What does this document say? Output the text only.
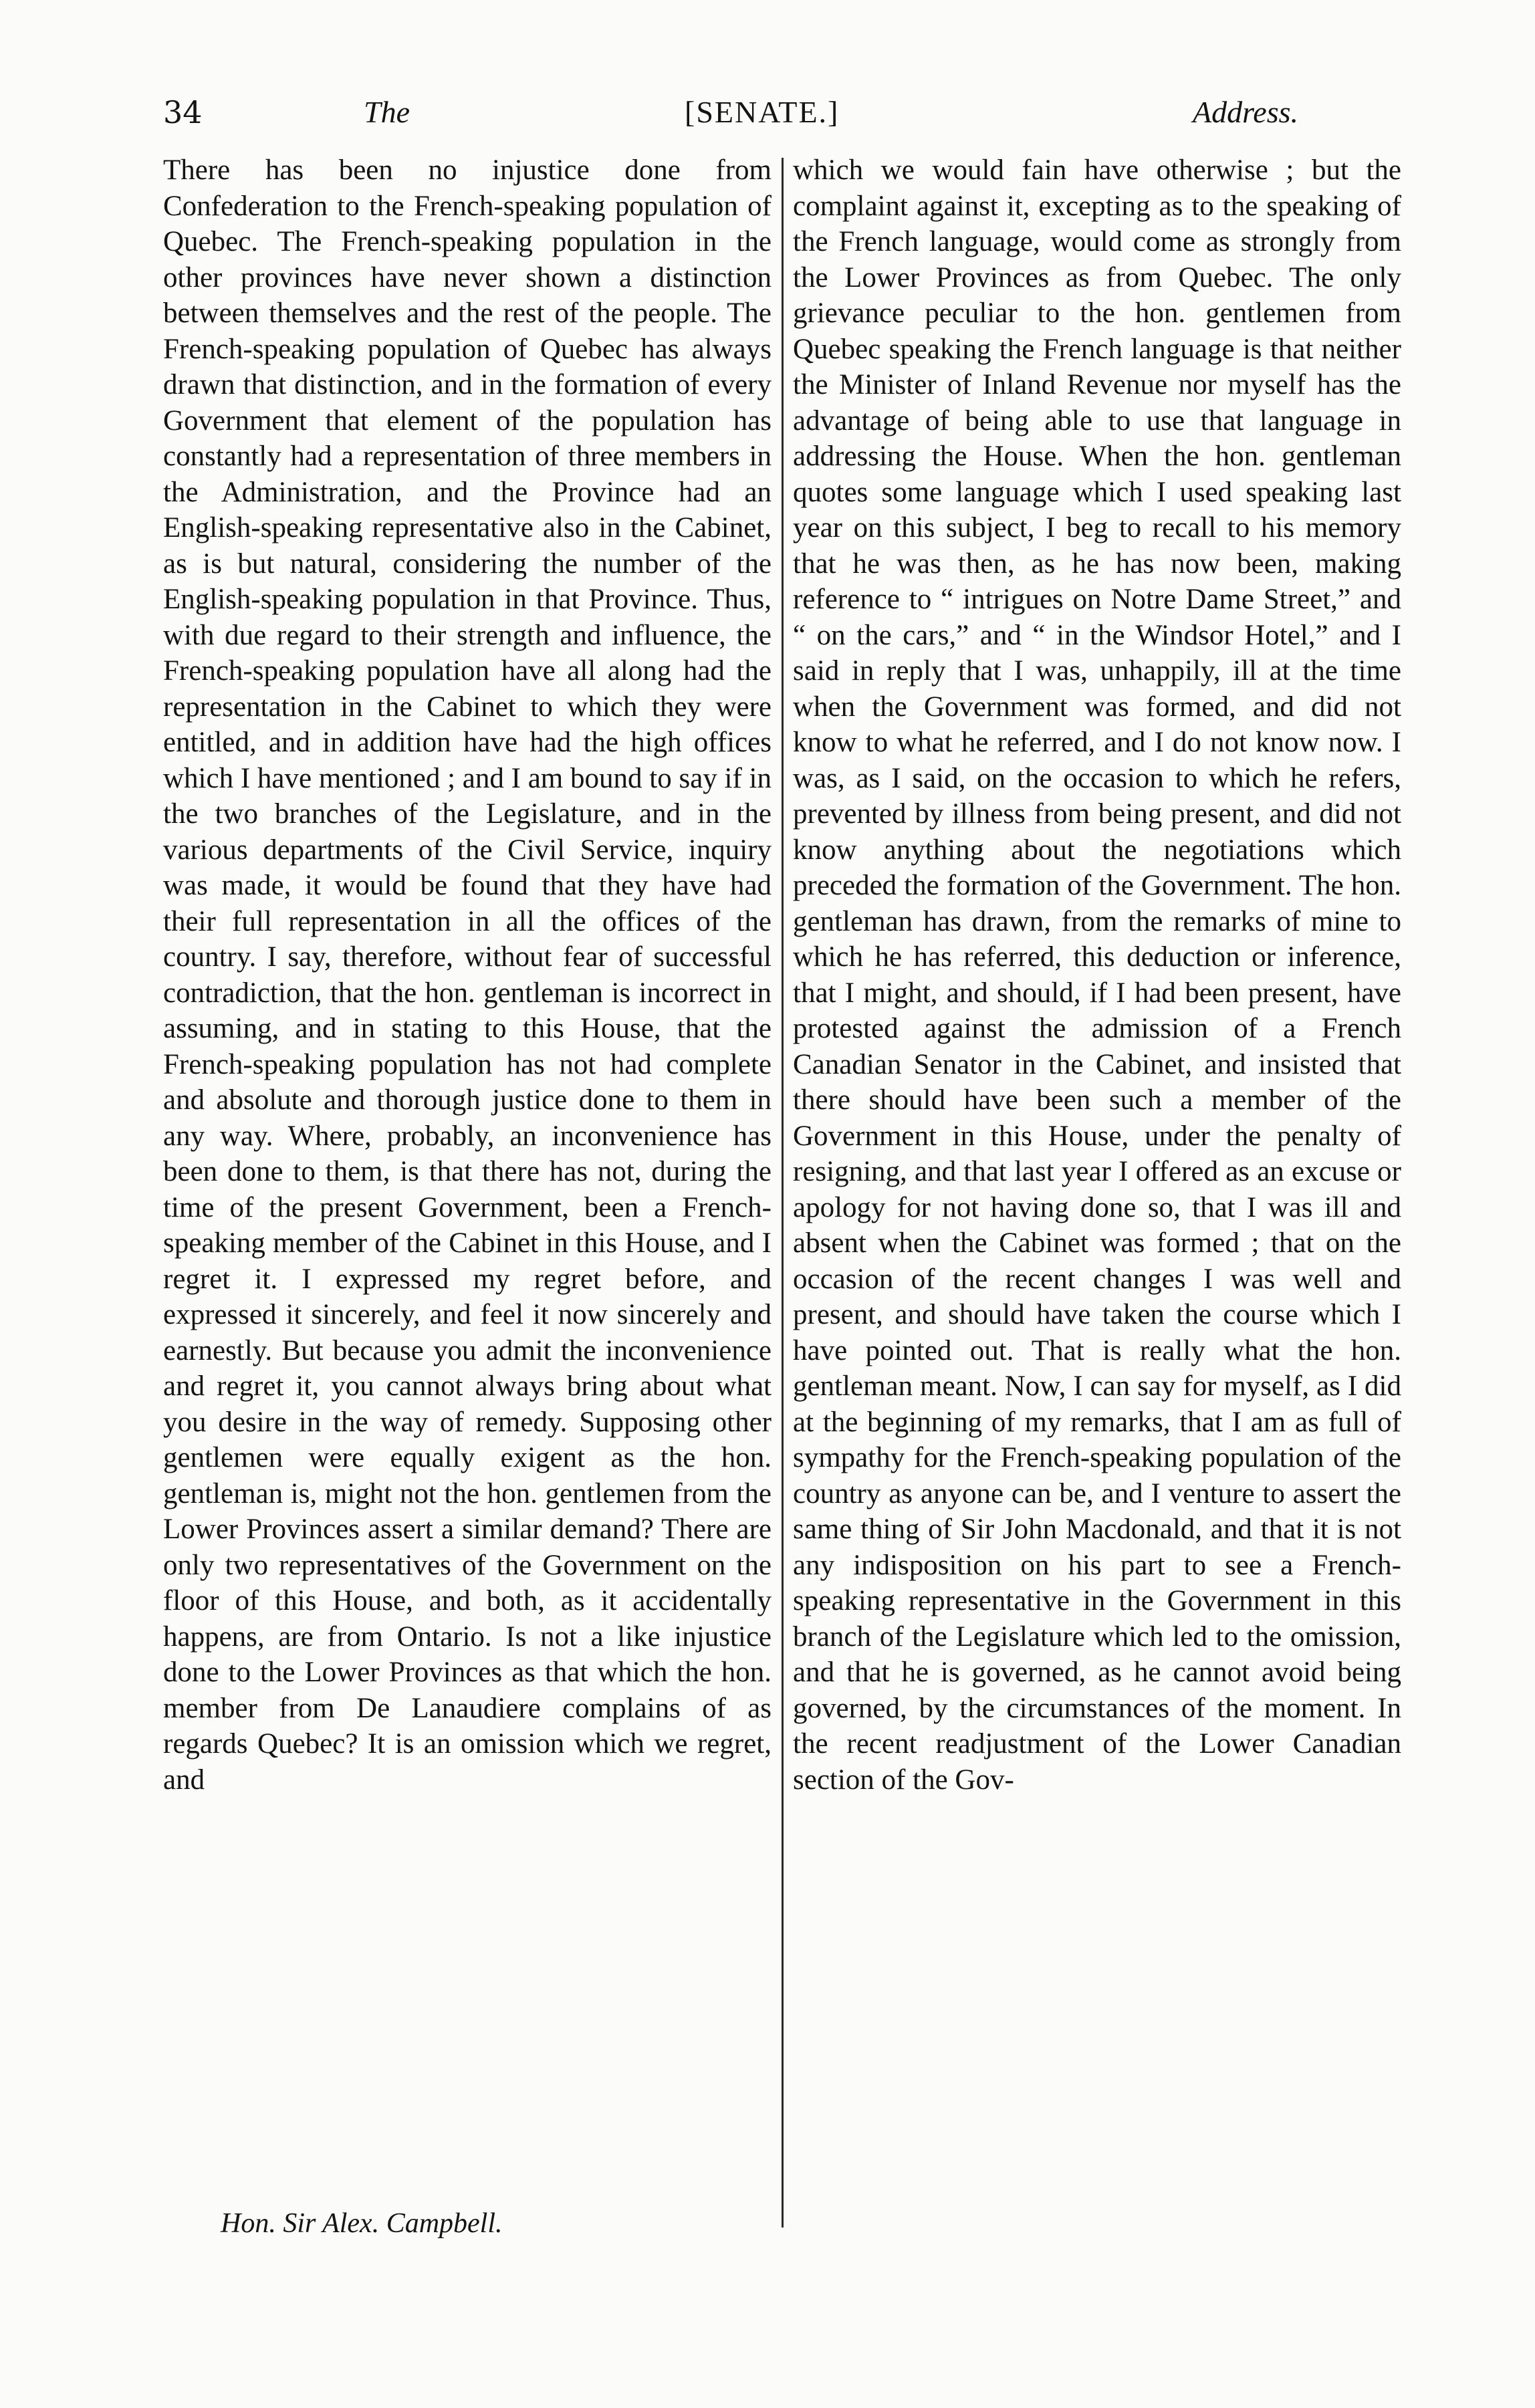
34	The	[SENATE.]	Address.

There has been no injustice done from Confederation to the French-speaking population of Quebec. The French-speaking population in the other provinces have never shown a distinction between themselves and the rest of the people. The French-speaking population of Quebec has always drawn that distinction, and in the formation of every Government that element of the population has constantly had a representation of three members in the Administration, and the Province had an English-speaking representative also in the Cabinet, as is but natural, considering the number of the English-speaking population in that Province. Thus, with due regard to their strength and influence, the French-speaking population have all along had the representation in the Cabinet to which they were entitled, and in addition have had the high offices which I have mentioned ; and I am bound to say if in the two branches of the Legislature, and in the various departments of the Civil Service, inquiry was made, it would be found that they have had their full representation in all the offices of the country. I say, therefore, without fear of successful contradiction, that the hon. gentleman is incorrect in assuming, and in stating to this House, that the French-speaking population has not had complete and absolute and thorough justice done to them in any way. Where, probably, an inconvenience has been done to them, is that there has not, during the time of the present Government, been a French-speaking member of the Cabinet in this House, and I regret it. I expressed my regret before, and expressed it sincerely, and feel it now sincerely and earnestly. But because you admit the inconvenience and regret it, you cannot always bring about what you desire in the way of remedy. Supposing other gentlemen were equally exigent as the hon. gentleman is, might not the hon. gentlemen from the Lower Provinces assert a similar demand? There are only two representatives of the Government on the floor of this House, and both, as it accidentally happens, are from Ontario. Is not a like injustice done to the Lower Provinces as that which the hon. member from De Lanaudiere complains of as regards Quebec? It is an omission which we regret, and

which we would fain have otherwise ; but the complaint against it, excepting as to the speaking of the French language, would come as strongly from the Lower Provinces as from Quebec. The only grievance peculiar to the hon. gentlemen from Quebec speaking the French language is that neither the Minister of Inland Revenue nor myself has the advantage of being able to use that language in addressing the House. When the hon. gentleman quotes some language which I used speaking last year on this subject, I beg to recall to his memory that he was then, as he has now been, making reference to “ intrigues on Notre Dame Street,” and “ on the cars,” and “ in the Windsor Hotel,” and I said in reply that I was, unhappily, ill at the time when the Government was formed, and did not know to what he referred, and I do not know now. I was, as I said, on the occasion to which he refers, prevented by illness from being present, and did not know anything about the negotiations which preceded the formation of the Government. The hon. gentleman has drawn, from the remarks of mine to which he has referred, this deduction or inference, that I might, and should, if I had been present, have protested against the admission of a French Canadian Senator in the Cabinet, and insisted that there should have been such a member of the Government in this House, under the penalty of resigning, and that last year I offered as an excuse or apology for not having done so, that I was ill and absent when the Cabinet was formed ; that on the occasion of the recent changes I was well and present, and should have taken the course which I have pointed out. That is really what the hon. gentleman meant. Now, I can say for myself, as I did at the beginning of my remarks, that I am as full of sympathy for the French-speaking population of the country as anyone can be, and I venture to assert the same thing of Sir John Macdonald, and that it is not any indisposition on his part to see a French-speaking representative in the Government in this branch of the Legislature which led to the omission, and that he is governed, as he cannot avoid being governed, by the circumstances of the moment. In the recent readjustment of the Lower Canadian section of the Gov-

Hon. Sir Alex. Campbell.
